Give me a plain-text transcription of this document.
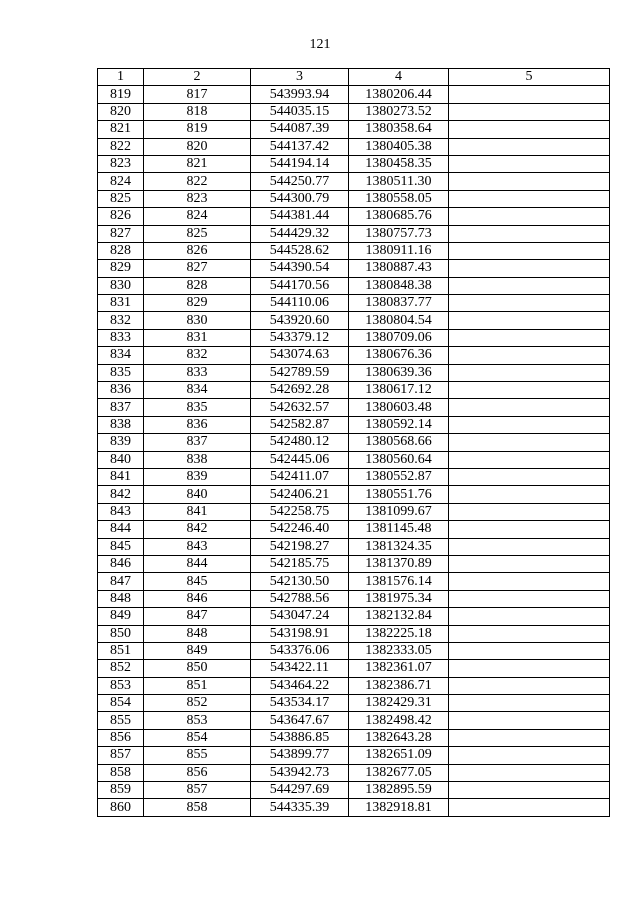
121
1	2	3	4	5
819	817	543993.94	1380206.44	
820	818	544035.15	1380273.52	
821	819	544087.39	1380358.64	
822	820	544137.42	1380405.38	
823	821	544194.14	1380458.35	
824	822	544250.77	1380511.30	
825	823	544300.79	1380558.05	
826	824	544381.44	1380685.76	
827	825	544429.32	1380757.73	
828	826	544528.62	1380911.16	
829	827	544390.54	1380887.43	
830	828	544170.56	1380848.38	
831	829	544110.06	1380837.77	
832	830	543920.60	1380804.54	
833	831	543379.12	1380709.06	
834	832	543074.63	1380676.36	
835	833	542789.59	1380639.36	
836	834	542692.28	1380617.12	
837	835	542632.57	1380603.48	
838	836	542582.87	1380592.14	
839	837	542480.12	1380568.66	
840	838	542445.06	1380560.64	
841	839	542411.07	1380552.87	
842	840	542406.21	1380551.76	
843	841	542258.75	1381099.67	
844	842	542246.40	1381145.48	
845	843	542198.27	1381324.35	
846	844	542185.75	1381370.89	
847	845	542130.50	1381576.14	
848	846	542788.56	1381975.34	
849	847	543047.24	1382132.84	
850	848	543198.91	1382225.18	
851	849	543376.06	1382333.05	
852	850	543422.11	1382361.07	
853	851	543464.22	1382386.71	
854	852	543534.17	1382429.31	
855	853	543647.67	1382498.42	
856	854	543886.85	1382643.28	
857	855	543899.77	1382651.09	
858	856	543942.73	1382677.05	
859	857	544297.69	1382895.59	
860	858	544335.39	1382918.81	
